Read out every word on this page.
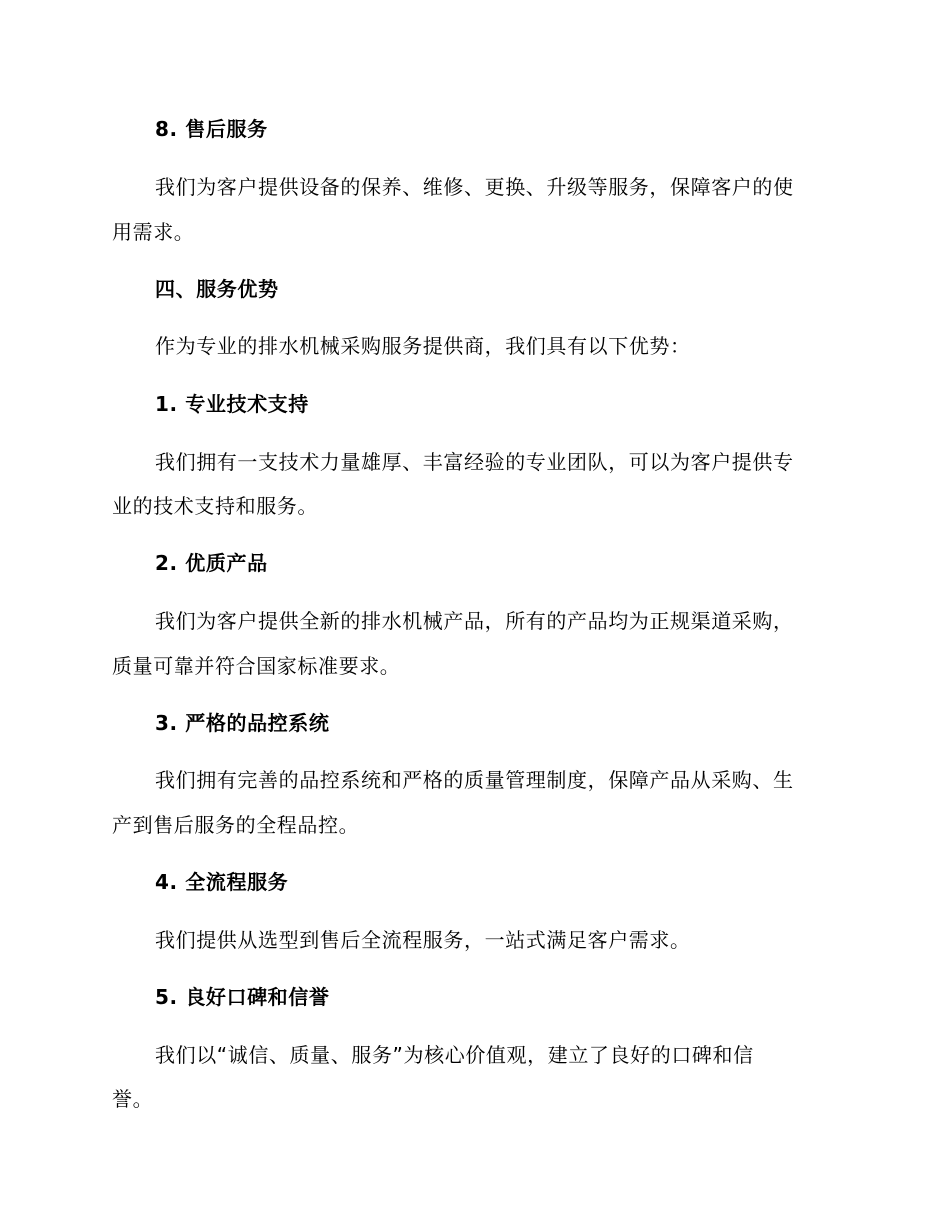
8. 售后服务
我们为客户提供设备的保养、维修、更换、升级等服务，保障客户的使
用需求。
四、服务优势
作为专业的排水机械采购服务提供商，我们具有以下优势：
1. 专业技术支持
我们拥有一支技术力量雄厚、丰富经验的专业团队，可以为客户提供专
业的技术支持和服务。
2. 优质产品
我们为客户提供全新的排水机械产品，所有的产品均为正规渠道采购，
质量可靠并符合国家标准要求。
3. 严格的品控系统
我们拥有完善的品控系统和严格的质量管理制度，保障产品从采购、生
产到售后服务的全程品控。
4. 全流程服务
我们提供从选型到售后全流程服务，一站式满足客户需求。
5. 良好口碑和信誉
我们以“诚信、质量、服务”为核心价值观，建立了良好的口碑和信
誉。
